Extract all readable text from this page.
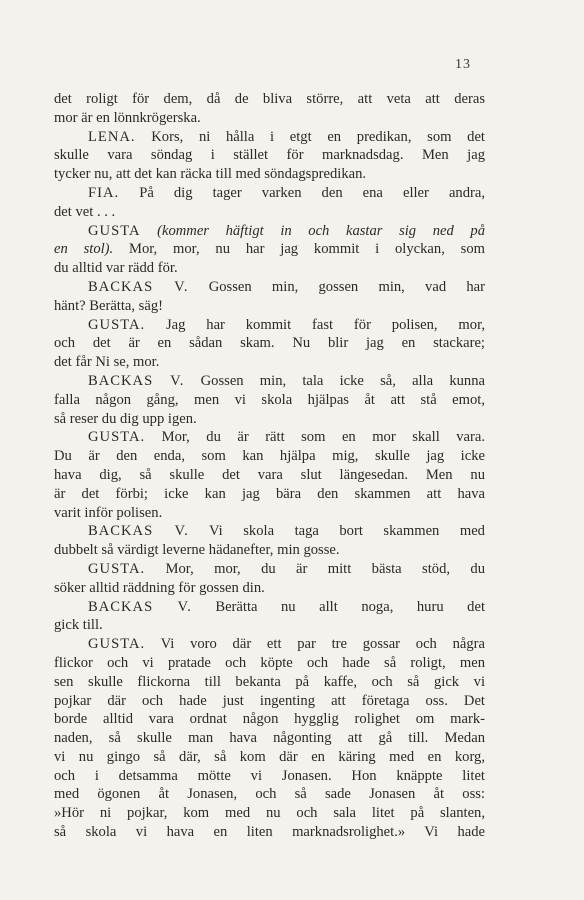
13
det roligt för dem, då de bliva större, att veta att deras
mor är en lönnkrögerska.
LENA. Kors, ni hålla i etgt en predikan, som det
skulle vara söndag i stället för marknadsdag. Men jag
tycker nu, att det kan räcka till med söndagspredikan.
FIA. På dig tager varken den ena eller andra,
det vet . . .
GUSTA (kommer häftigt in och kastar sig ned på
en stol). Mor, mor, nu har jag kommit i olyckan, som
du alltid var rädd för.
BACKAS V. Gossen min, gossen min, vad har
hänt? Berätta, säg!
GUSTA. Jag har kommit fast för polisen, mor,
och det är en sådan skam. Nu blir jag en stackare;
det får Ni se, mor.
BACKAS V. Gossen min, tala icke så, alla kunna
falla någon gång, men vi skola hjälpas åt att stå emot,
så reser du dig upp igen.
GUSTA. Mor, du är rätt som en mor skall vara.
Du är den enda, som kan hjälpa mig, skulle jag icke
hava dig, så skulle det vara slut längesedan. Men nu
är det förbi; icke kan jag bära den skammen att hava
varit inför polisen.
BACKAS V. Vi skola taga bort skammen med
dubbelt så värdigt leverne hädanefter, min gosse.
GUSTA. Mor, mor, du är mitt bästa stöd, du
söker alltid räddning för gossen din.
BACKAS V. Berätta nu allt noga, huru det
gick till.
GUSTA. Vi voro där ett par tre gossar och några
flickor och vi pratade och köpte och hade så roligt, men
sen skulle flickorna till bekanta på kaffe, och så gick vi
pojkar där och hade just ingenting att företaga oss. Det
borde alltid vara ordnat någon hygglig rolighet om mark-
naden, så skulle man hava någonting att gå till. Medan
vi nu gingo så där, så kom där en käring med en korg,
och i detsamma mötte vi Jonasen. Hon knäppte litet
med ögonen åt Jonasen, och så sade Jonasen åt oss:
»Hör ni pojkar, kom med nu och sala litet på slanten,
så skola vi hava en liten marknadsrolighet.» Vi hade
